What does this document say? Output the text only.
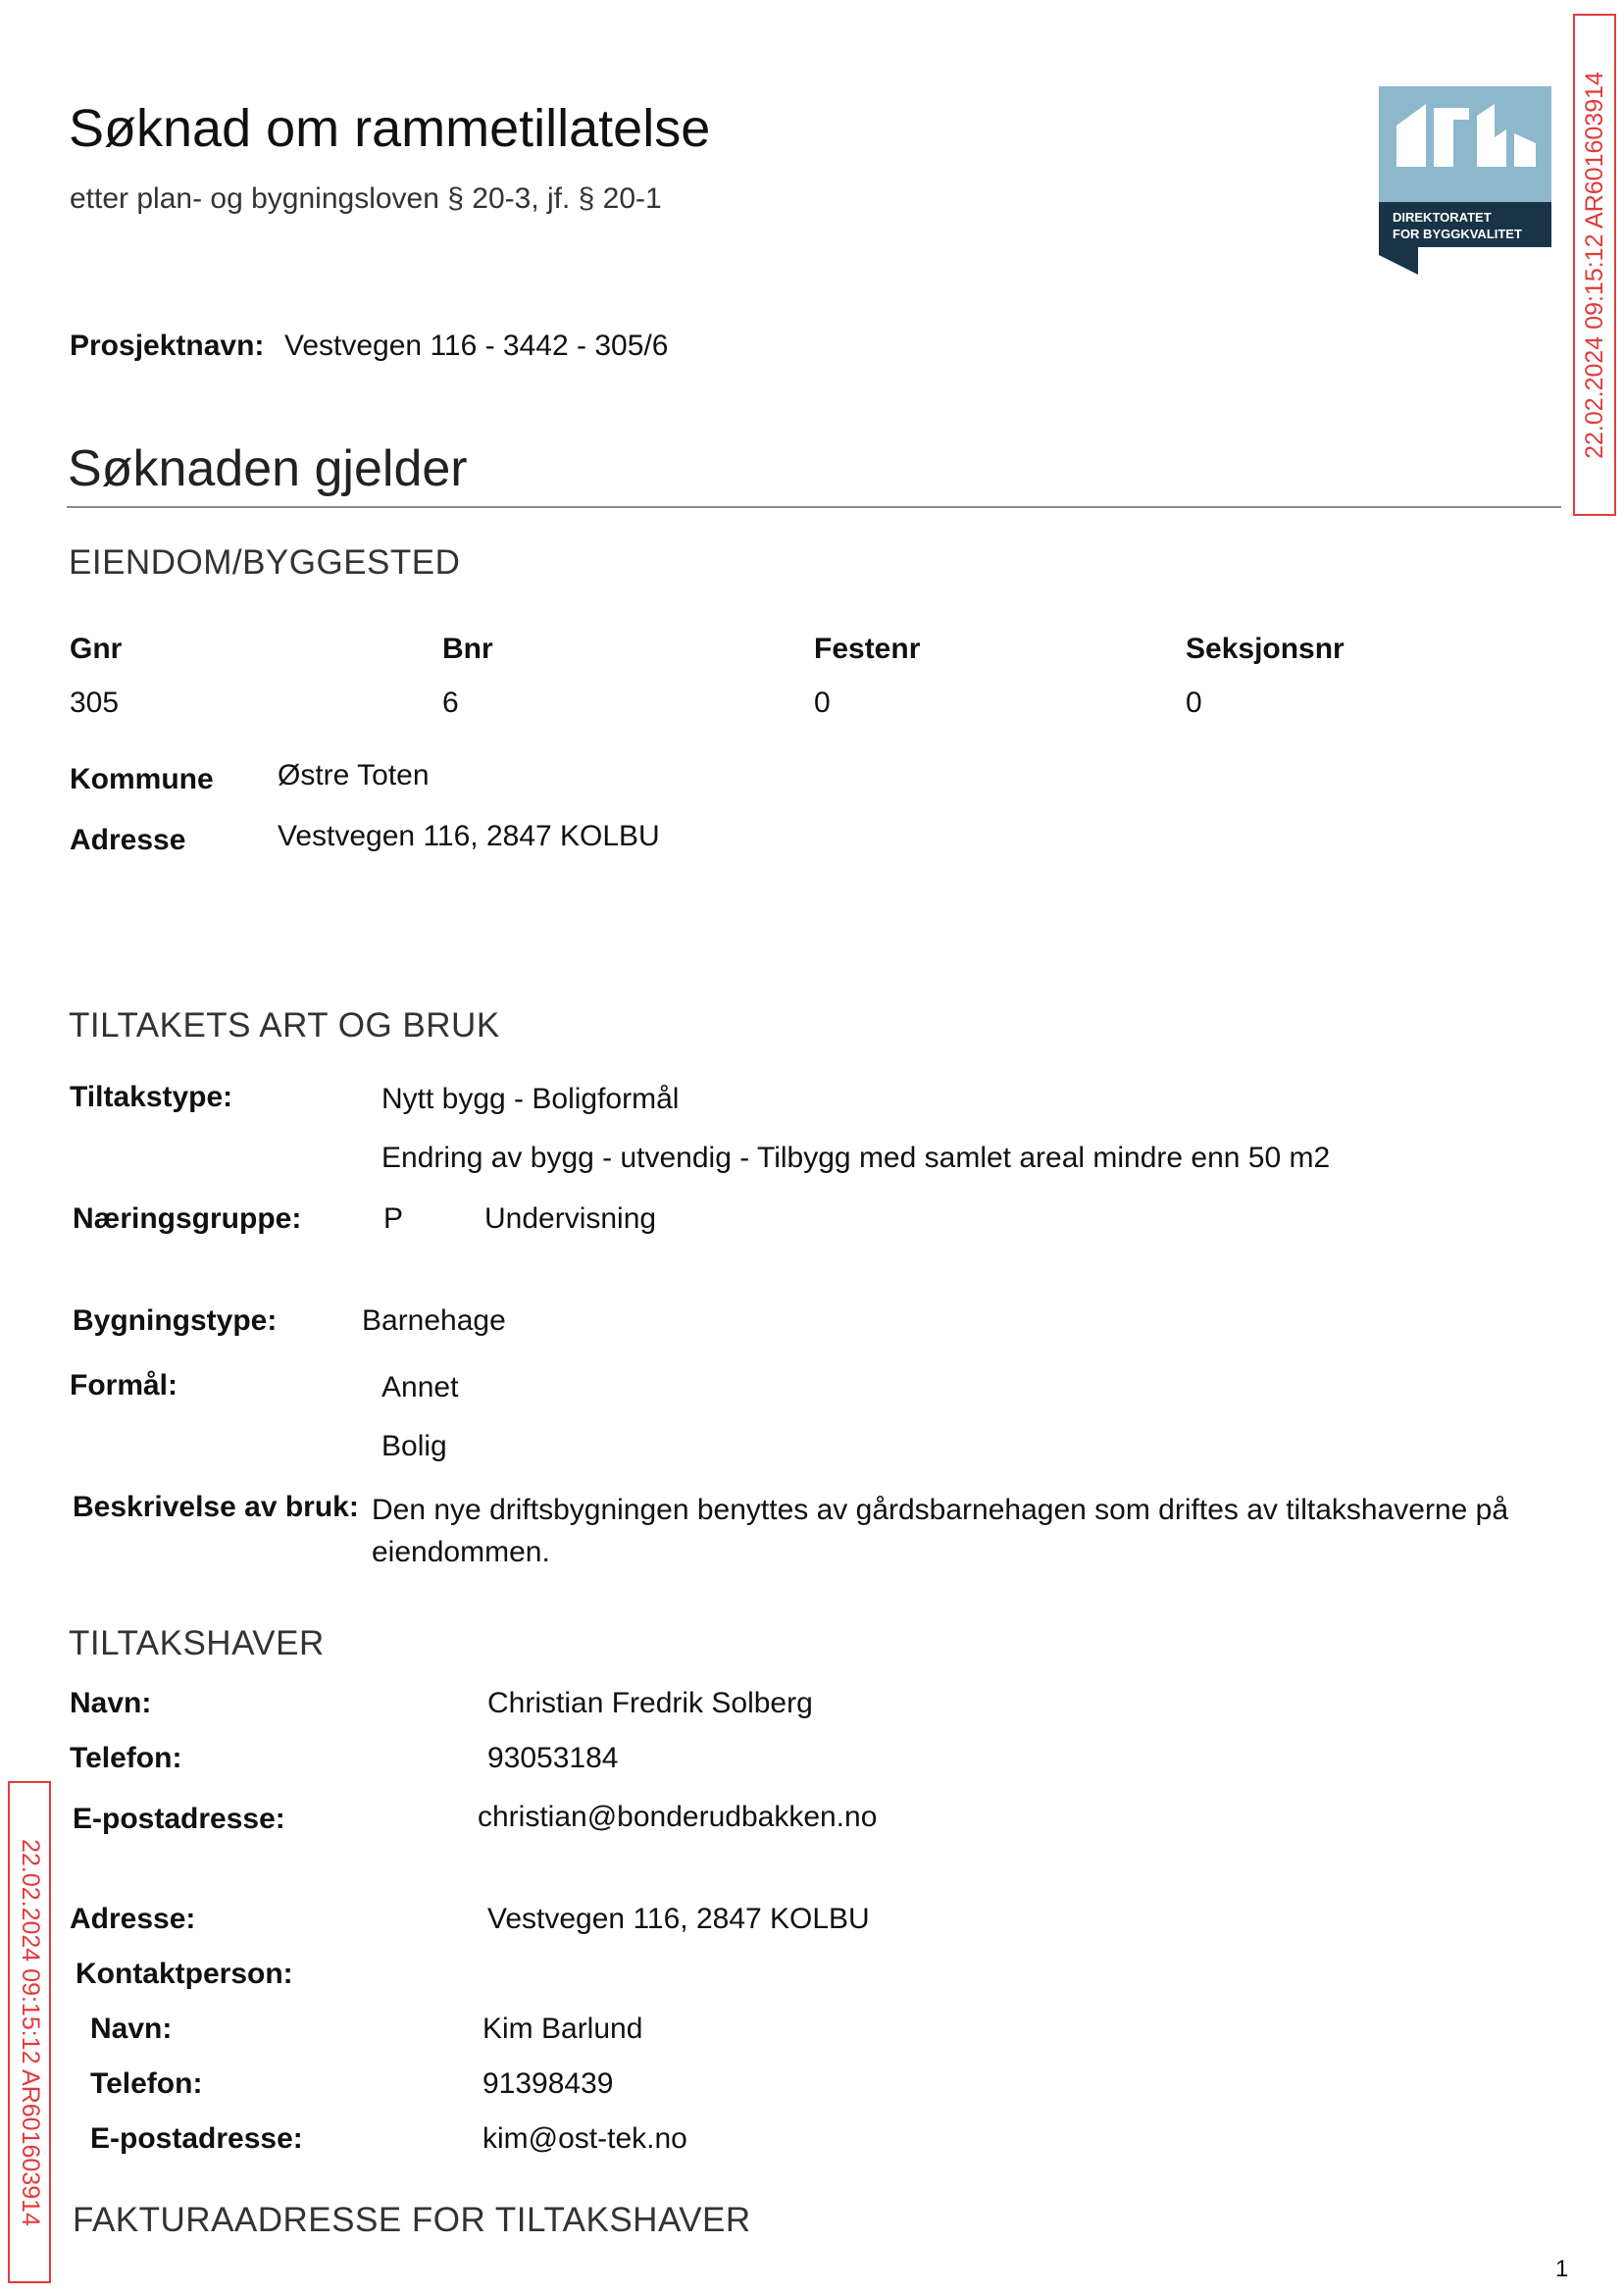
Søknad om rammetillatelse
etter plan- og bygningsloven § 20-3, jf. § 20-1
DIREKTORATET
FOR BYGGKVALITET 22.02.2024 09:15:12 AR601603914
22.02.2024 09:15:12 AR601603914
Prosjektnavn: Vestvegen 116 - 3442 - 305/6
Søknaden gjelder
EIENDOM/BYGGESTED
Gnr	Bnr	Festenr	Seksjonsnr
305	6	0	0
Kommune Østre Toten
Adresse	Vestvegen 116, 2847 KOLBU
TILTAKETS ART OG BRUK
Tiltakstype:	Nytt bygg - Boligformål
Endring av bygg - utvendig - Tilbygg med samlet areal mindre enn 50 m2
Næringsgruppe:	P	Undervisning
Bygningstype:	Barnehage
Formål:	Annet
Bolig
Beskrivelse av bruk: Den nye driftsbygningen benyttes av gårdsbarnehagen som driftes av tiltakshaverne på eiendommen.
TILTAKSHAVER
Navn:	Christian Fredrik Solberg
Telefon:	93053184
E-postadresse:	christian@bonderudbakken.no
Adresse:	Vestvegen 116, 2847 KOLBU
Kontaktperson:
Navn:	Kim Barlund
Telefon:	91398439
E-postadresse:	kim@ost-tek.no
FAKTURAADRESSE FOR TILTAKSHAVER
1
